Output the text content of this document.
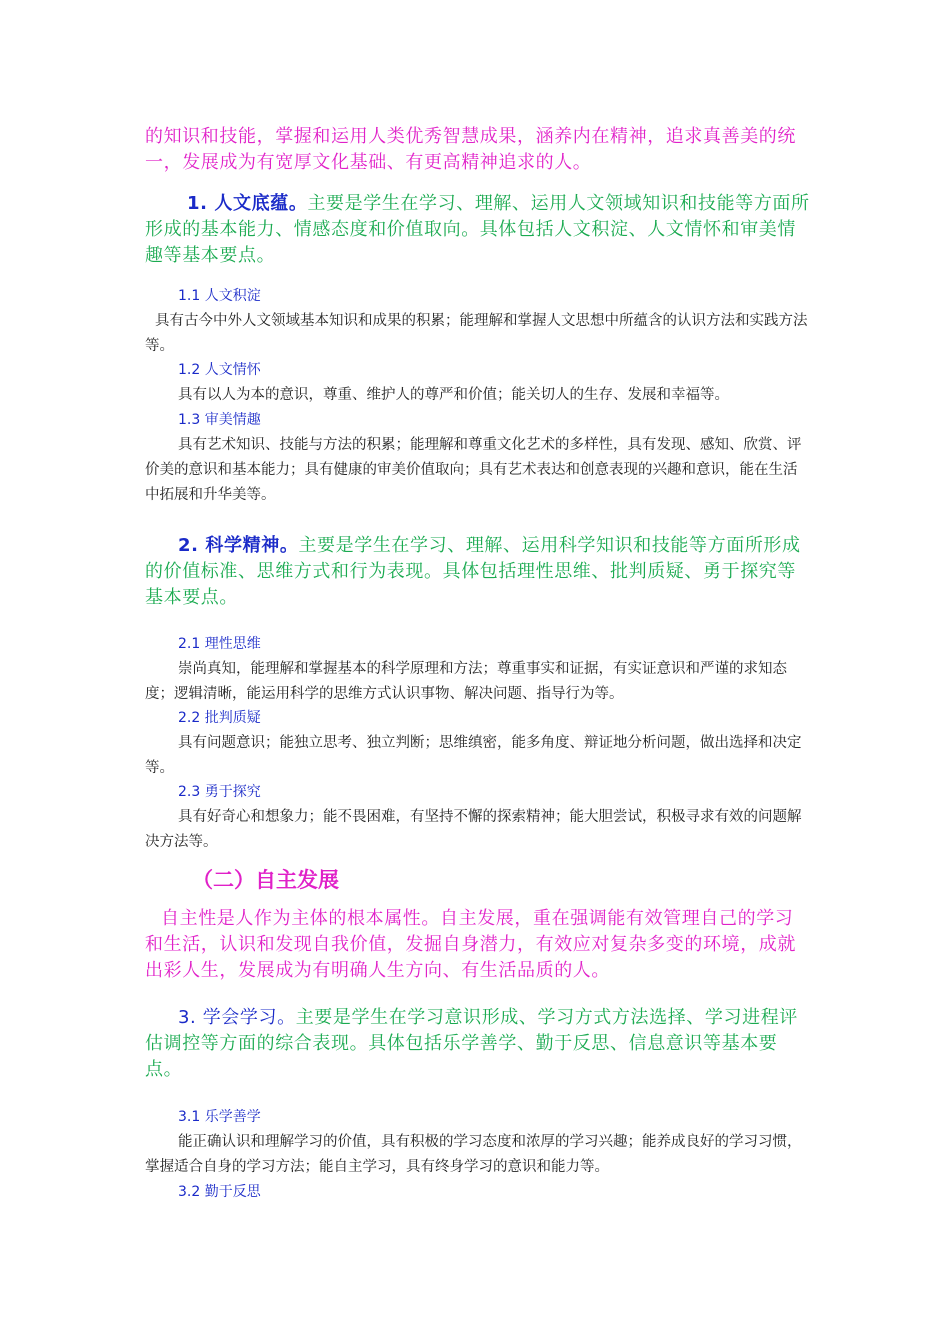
的知识和技能，掌握和运用人类优秀智慧成果，涵养内在精神，追求真善美的统一，发展成为有宽厚文化基础、有更高精神追求的人。
1. 人文底蕴。主要是学生在学习、理解、运用人文领域知识和技能等方面所形成的基本能力、情感态度和价值取向。具体包括人文积淀、人文情怀和审美情趣等基本要点。
1.1 人文积淀
具有古今中外人文领域基本知识和成果的积累；能理解和掌握人文思想中所蕴含的认识方法和实践方法等。
1.2 人文情怀
具有以人为本的意识，尊重、维护人的尊严和价值；能关切人的生存、发展和幸福等。
1.3 审美情趣
具有艺术知识、技能与方法的积累；能理解和尊重文化艺术的多样性，具有发现、感知、欣赏、评价美的意识和基本能力；具有健康的审美价值取向；具有艺术表达和创意表现的兴趣和意识，能在生活中拓展和升华美等。
2. 科学精神。主要是学生在学习、理解、运用科学知识和技能等方面所形成的价值标准、思维方式和行为表现。具体包括理性思维、批判质疑、勇于探究等基本要点。
2.1 理性思维
崇尚真知，能理解和掌握基本的科学原理和方法；尊重事实和证据，有实证意识和严谨的求知态度；逻辑清晰，能运用科学的思维方式认识事物、解决问题、指导行为等。
2.2 批判质疑
具有问题意识；能独立思考、独立判断；思维缜密，能多角度、辩证地分析问题，做出选择和决定等。
2.3 勇于探究
具有好奇心和想象力；能不畏困难，有坚持不懈的探索精神；能大胆尝试，积极寻求有效的问题解决方法等。
（二）自主发展
自主性是人作为主体的根本属性。自主发展，重在强调能有效管理自己的学习和生活，认识和发现自我价值，发掘自身潜力，有效应对复杂多变的环境，成就出彩人生，发展成为有明确人生方向、有生活品质的人。
3. 学会学习。主要是学生在学习意识形成、学习方式方法选择、学习进程评估调控等方面的综合表现。具体包括乐学善学、勤于反思、信息意识等基本要点。
3.1 乐学善学
能正确认识和理解学习的价值，具有积极的学习态度和浓厚的学习兴趣；能养成良好的学习习惯，掌握适合自身的学习方法；能自主学习，具有终身学习的意识和能力等。
3.2 勤于反思
